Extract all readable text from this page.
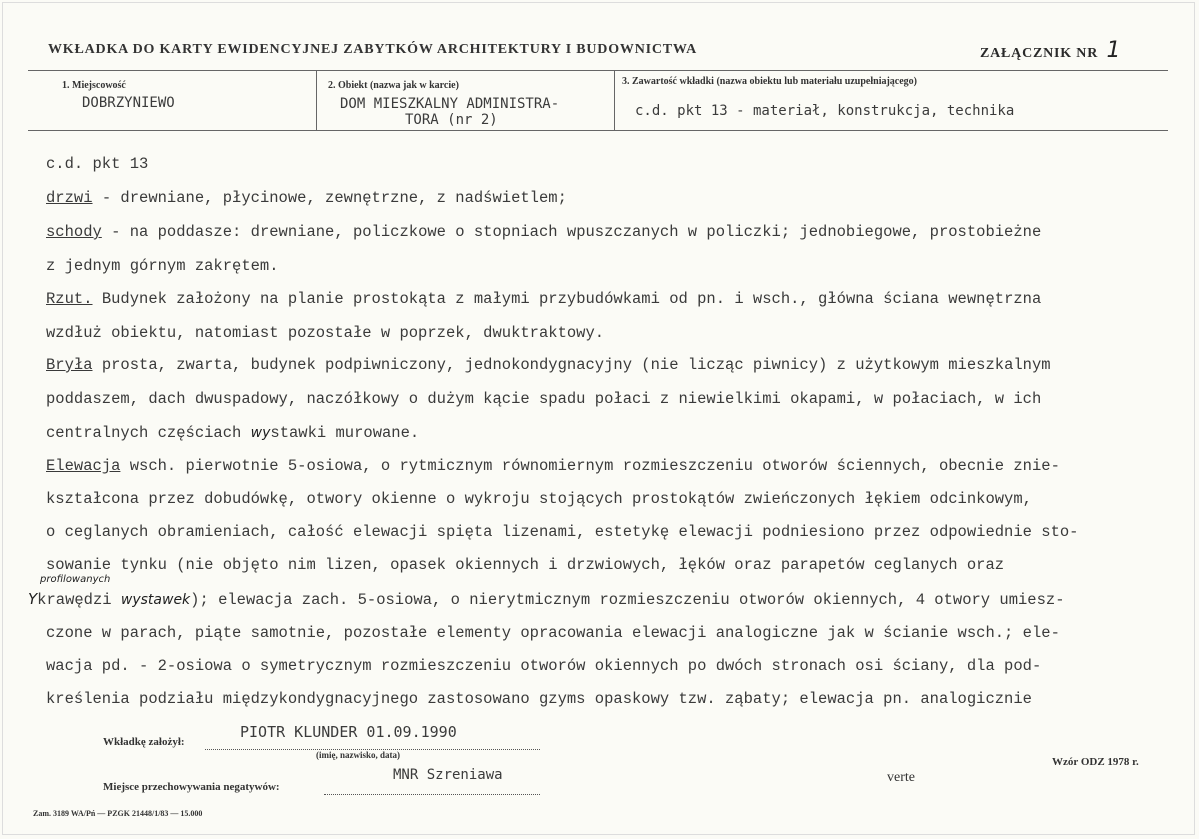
WKŁADKA DO KARTY EWIDENCYJNEJ ZABYTKÓW ARCHITEKTURY I BUDOWNICTWA	ZAŁĄCZNIK NR 1
1. Miejscowość
DOBRZYNIEWO
2. Obiekt (nazwa jak w karcie)
DOM MIESZKALNY ADMINISTRA-
TORA (nr 2)
3. Zawartość wkładki (nazwa obiektu lub materiału uzupełniającego)
c.d. pkt 13 - materiał, konstrukcja, technika
c.d. pkt 13
drzwi - drewniane, płycinowe, zewnętrzne, z nadświetlem;
schody - na poddasze: drewniane, policzkowe o stopniach wpuszczanych w policzki; jednobiegowe, prostobieżne
z jednym górnym zakrętem.
Rzut. Budynek założony na planie prostokąta z małymi przybudówkami od pn. i wsch., główna ściana wewnętrzna
wzdłuż obiektu, natomiast pozostałe w poprzek, dwuktraktowy.
Bryła prosta, zwarta, budynek podpiwniczony, jednokondygnacyjny (nie licząc piwnicy) z użytkowym mieszkalnym
poddaszem, dach dwuspadowy, naczółkowy o dużym kącie spadu połaci z niewielkimi okapami, w połaciach, w ich
centralnych częściach wystawki murowane.
Elewacja wsch. pierwotnie 5-osiowa, o rytmicznym równomiernym rozmieszczeniu otworów ściennych, obecnie znie-
kształcona przez dobudówkę, otwory okienne o wykroju stojących prostokątów zwieńczonych łękiem odcinkowym,
o ceglanych obramieniach, całość elewacji spięta lizenami, estetykę elewacji podniesiono przez odpowiednie sto-
sowanie tynku (nie objęto nim lizen, opasek okiennych i drzwiowych, łęków oraz parapetów ceglanych oraz
profilowanych
Ykrawędzi wystawek); elewacja zach. 5-osiowa, o nierytmicznym rozmieszczeniu otworów okiennych, 4 otwory umiesz-
czone w parach, piąte samotnie, pozostałe elementy opracowania elewacji analogiczne jak w ścianie wsch.; ele-
wacja pd. - 2-osiowa o symetrycznym rozmieszczeniu otworów okiennych po dwóch stronach osi ściany, dla pod-
kreślenia podziału międzykondygnacyjnego zastosowano gzyms opaskowy tzw. ząbaty; elewacja pn. analogicznie
Wkładkę założył:
PIOTR KLUNDER 01.09.1990
(imię, nazwisko, data)
Miejsce przechowywania negatywów:
MNR Szreniawa	verte
Wzór ODZ 1978 r.
Zam. 3189 WA/Pń — PZGK 21448/1/83 — 15.000
